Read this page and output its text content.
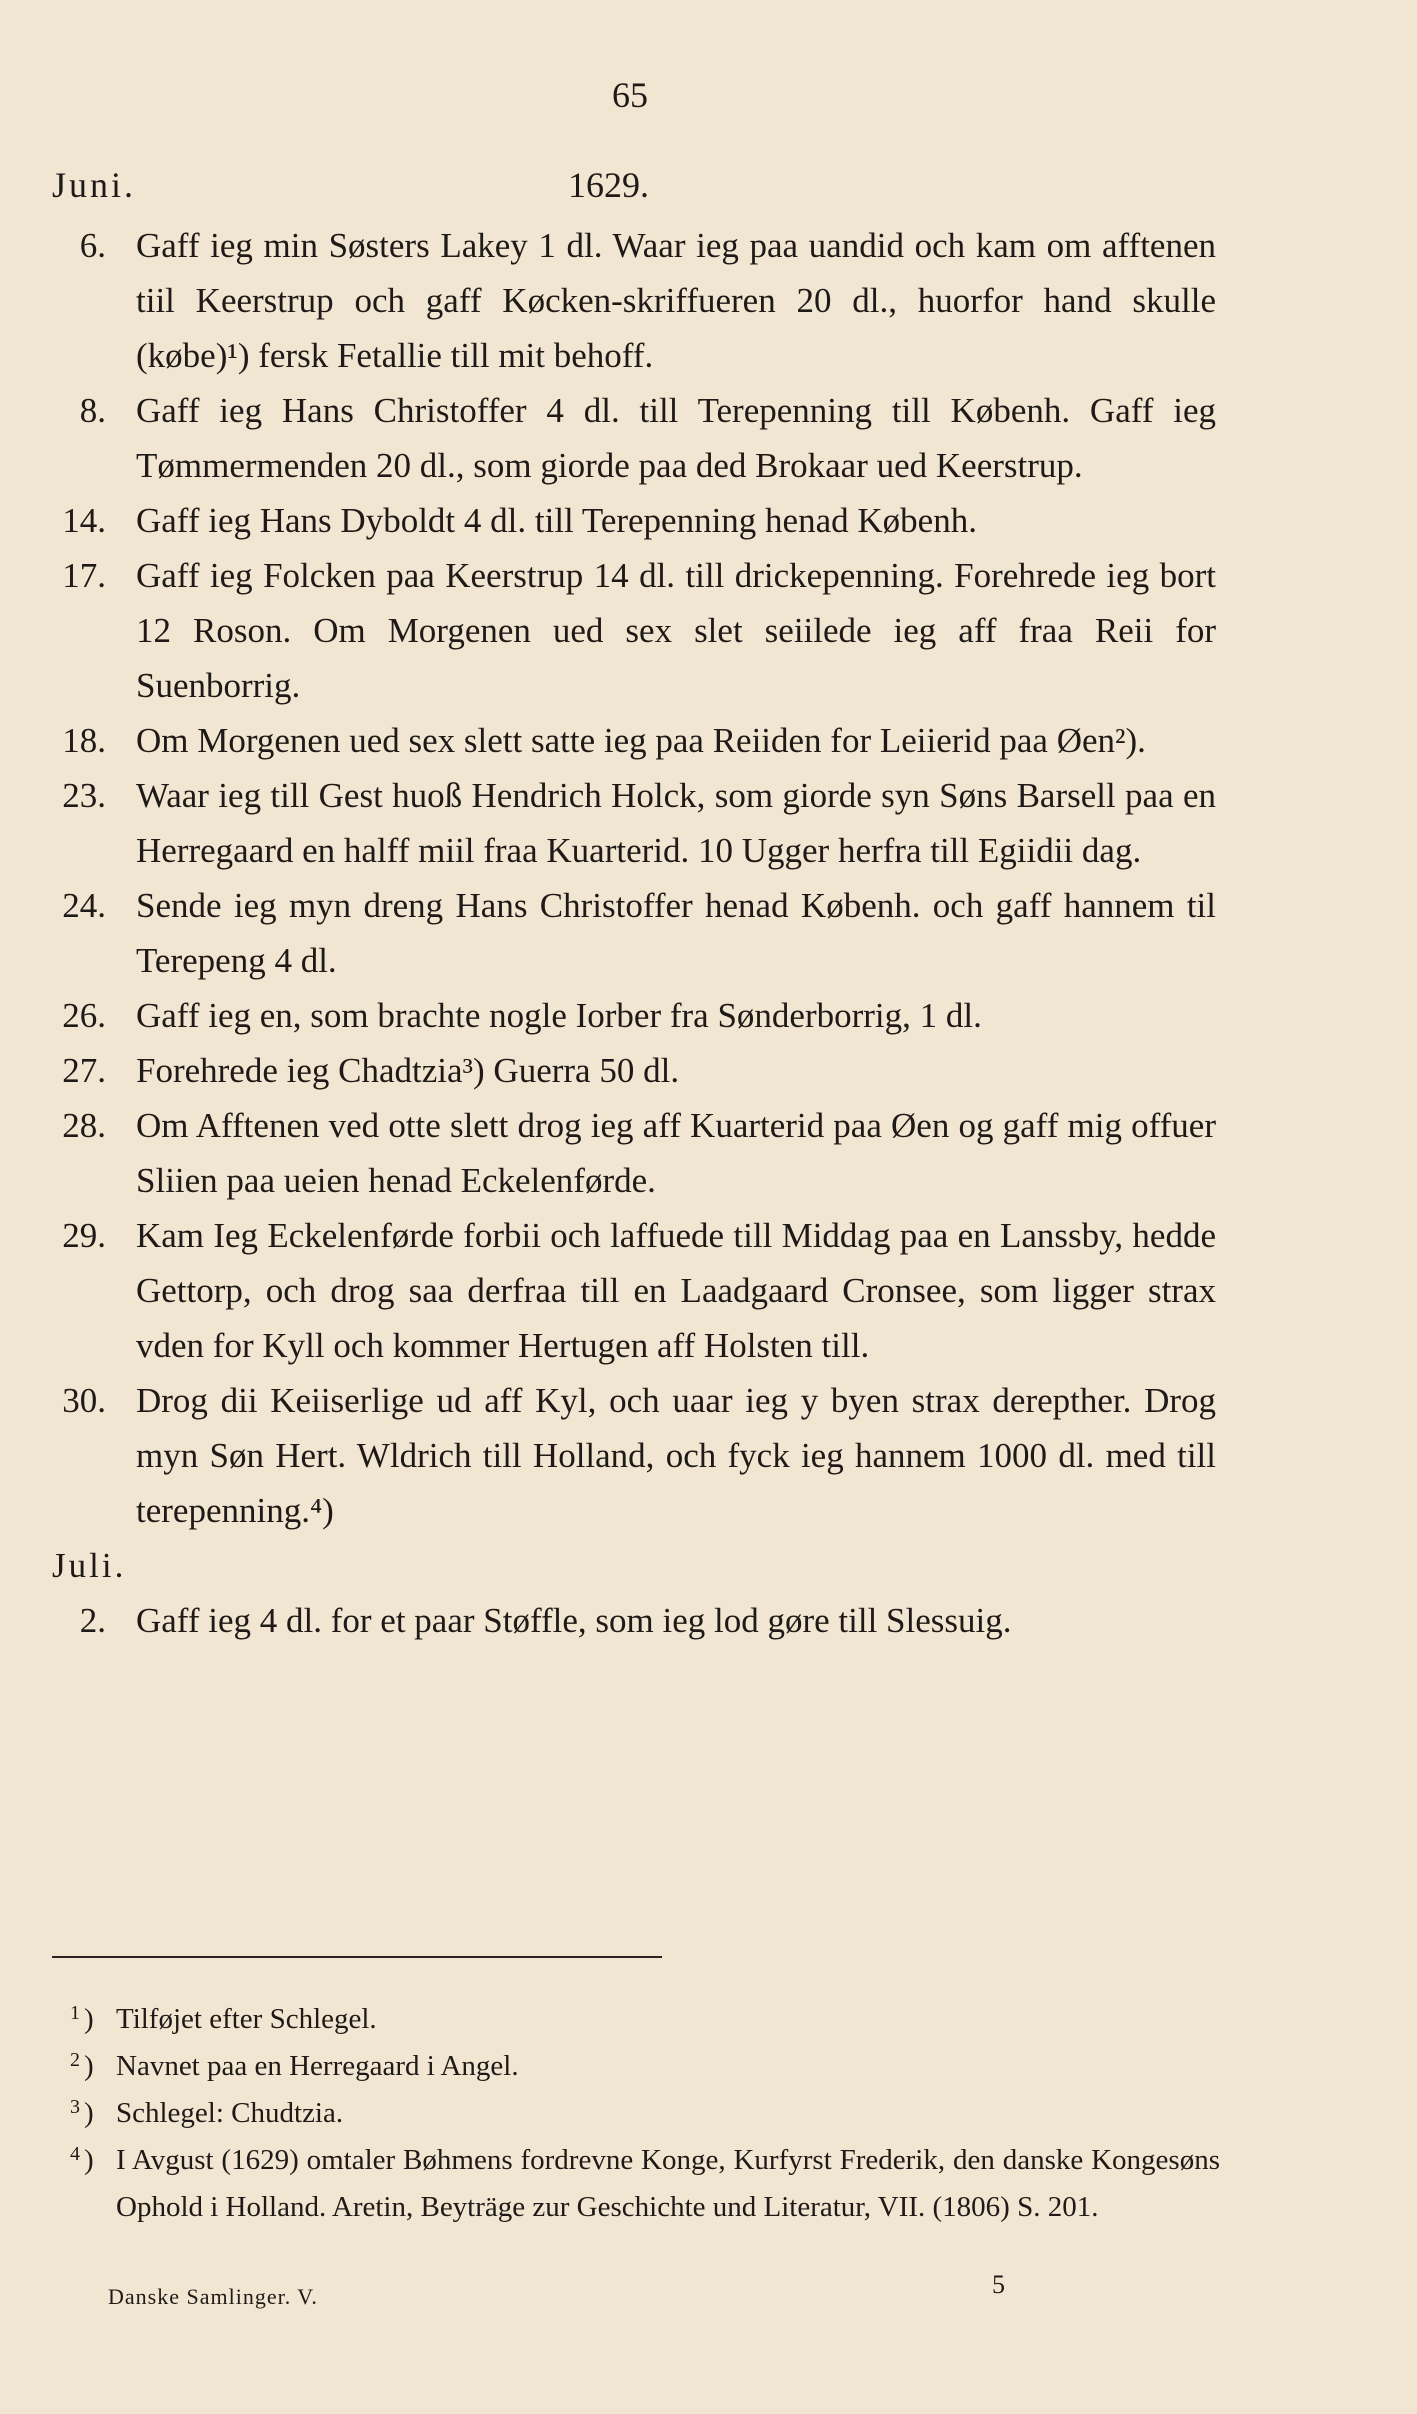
65
Juni.	1629.
6. Gaff ieg min Søsters Lakey 1 dl. Waar ieg paa uandid och kam om afftenen tiil Keerstrup och gaff Køcken-skriffueren 20 dl., huorfor hand skulle (købe)¹) fersk Fetallie till mit behoff.
8. Gaff ieg Hans Christoffer 4 dl. till Terepenning till Københ. Gaff ieg Tømmermenden 20 dl., som giorde paa ded Brokaar ued Keerstrup.
14. Gaff ieg Hans Dyboldt 4 dl. till Terepenning henad Københ.
17. Gaff ieg Folcken paa Keerstrup 14 dl. till drickepenning. Forehrede ieg bort 12 Roson. Om Morgenen ued sex slet seiilede ieg aff fraa Reii for Suenborrig.
18. Om Morgenen ued sex slett satte ieg paa Reiiden for Leiierid paa Øen²).
23. Waar ieg till Gest huoß Hendrich Holck, som giorde syn Søns Barsell paa en Herregaard en halff miil fraa Kuarterid. 10 Ugger herfra till Egiidii dag.
24. Sende ieg myn dreng Hans Christoffer henad Københ. och gaff hannem til Terepeng 4 dl.
26. Gaff ieg en, som brachte nogle Iorber fra Sønderborrig, 1 dl.
27. Forehrede ieg Chadtzia³) Guerra 50 dl.
28. Om Afftenen ved otte slett drog ieg aff Kuarterid paa Øen og gaff mig offuer Sliien paa ueien henad Eckelenførde.
29. Kam Ieg Eckelenførde forbii och laffuede till Middag paa en Lanssby, hedde Gettorp, och drog saa derfraa till en Laadgaard Cronsee, som ligger strax vden for Kyll och kommer Hertugen aff Holsten till.
30. Drog dii Keiiserlige ud aff Kyl, och uaar ieg y byen strax derepther. Drog myn Søn Hert. Wldrich till Holland, och fyck ieg hannem 1000 dl. med till terepenning.⁴)
Juli.
2. Gaff ieg 4 dl. for et paar Støffle, som ieg lod gøre till Slessuig.
1 ) Tilføjet efter Schlegel.
2 ) Navnet paa en Herregaard i Angel.
3 ) Schlegel: Chudtzia.
4 ) I Avgust (1629) omtaler Bøhmens fordrevne Konge, Kurfyrst Frederik, den danske Kongesøns Ophold i Holland. Aretin, Beyträge zur Geschichte und Literatur, VII. (1806) S. 201.
Danske Samlinger. V.	5
